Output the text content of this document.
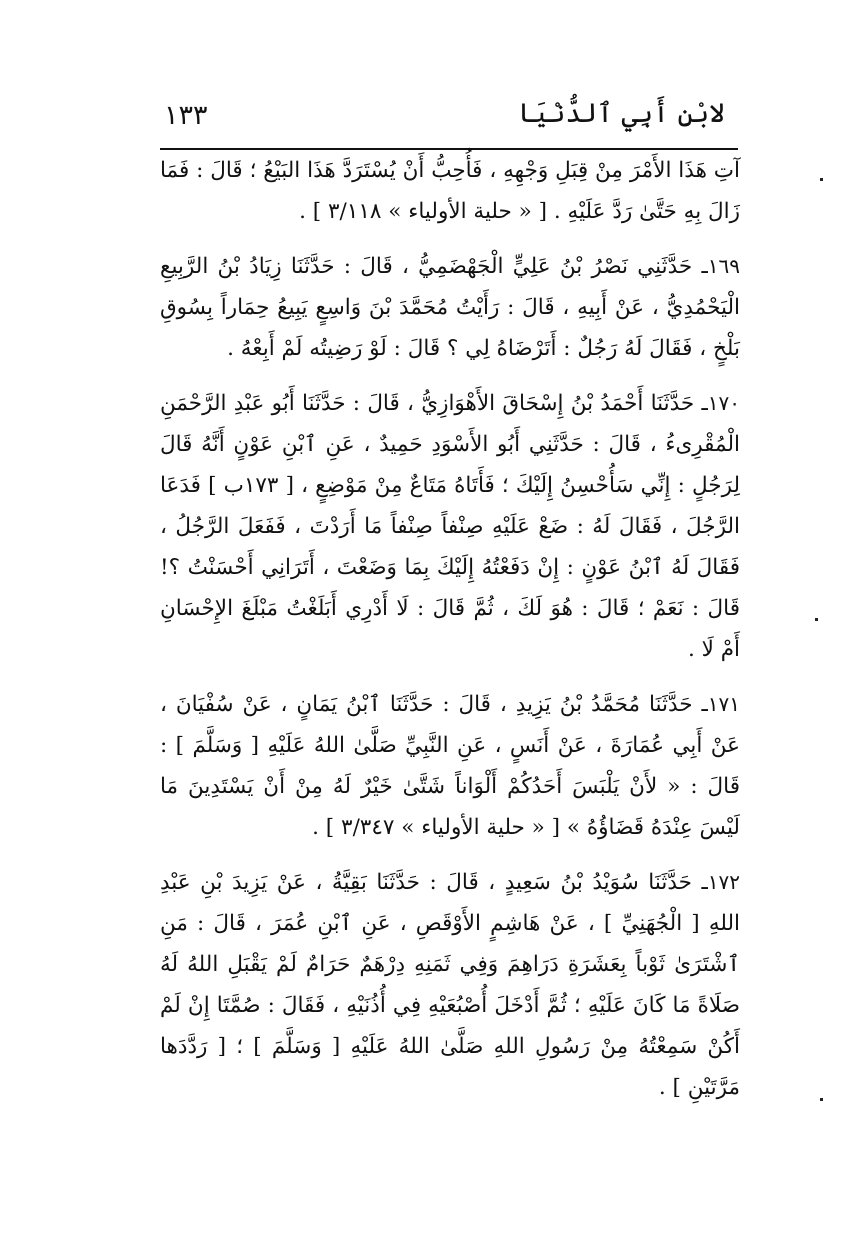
لابْنِ أَبِي ٱلدُّنْيَا
١٣٣

آتِ هَذَا الأَمْرَ مِنْ قِبَلِ وَجْهِهِ ، فَأُحِبُّ أَنْ يُسْتَرَدَّ هَذَا البَيْعُ ؛ قَالَ : فَمَا زَالَ بِهِ حَتَّىٰ رَدَّ عَلَيْهِ . [ « حلية الأولياء » ٣/١١٨ ] .

١٦٩ـ حَدَّثَنِي نَصْرُ بْنُ عَلِيٍّ الْجَهْضَمِيُّ ، قَالَ : حَدَّثَنَا زِيَادُ بْنُ الرَّبِيعِ الْيَحْمُدِيُّ ، عَنْ أَبِيهِ ، قَالَ : رَأَيْتُ مُحَمَّدَ بْنَ وَاسِعٍ يَبِيعُ حِمَاراً بِسُوقِ بَلْخٍ ، فَقَالَ لَهُ رَجُلٌ : أَتَرْضَاهُ لِي ؟ قَالَ : لَوْ رَضِيتُه لَمْ أَبِعْهُ .

١٧٠ـ حَدَّثَنَا أَحْمَدُ بْنُ إِسْحَاقَ الأَهْوَازِيُّ ، قَالَ : حَدَّثَنَا أَبُو عَبْدِ الرَّحْمَنِ الْمُقْرِىءُ ، قَالَ : حَدَّثَنِي أَبُو الأَسْوَدِ حَمِيدٌ ، عَنِ ٱبْنِ عَوْنٍ أَنَّهُ قَالَ لِرَجُلٍ : إِنِّي سَأُحْسِنُ إِلَيْكَ ؛ فَأَتَاهُ مَتَاعٌ مِنْ مَوْضِعٍ ، [ ١٧٣ب ] فَدَعَا الرَّجُلَ ، فَقَالَ لَهُ : ضَعْ عَلَيْهِ صِنْفاً صِنْفاً مَا أَرَدْتَ ، فَفَعَلَ الرَّجُلُ ، فَقَالَ لَهُ ٱبْنُ عَوْنٍ : إِنْ دَفَعْتُهُ إِلَيْكَ بِمَا وَضَعْتَ ، أَتَرَانِي أَحْسَنْتُ ؟! قَالَ : نَعَمْ ؛ قَالَ : هُوَ لَكَ ، ثُمَّ قَالَ : لَا أَدْرِي أَبَلَغْتُ مَبْلَغَ الإِحْسَانِ أَمْ لَا .

١٧١ـ حَدَّثَنَا مُحَمَّدُ بْنُ يَزِيدِ ، قَالَ : حَدَّثَنَا ٱبْنُ يَمَانٍ ، عَنْ سُفْيَانَ ، عَنْ أَبِي عُمَارَةَ ، عَنْ أَنَسٍ ، عَنِ النَّبِيِّ صَلَّىٰ اللهُ عَلَيْهِ [ وَسَلَّمَ ] : قَالَ : « لأَنْ يَلْبَسَ أَحَدُكُمْ أَلْوَاناً شَتَّىٰ خَيْرٌ لَهُ مِنْ أَنْ يَسْتَدِينَ مَا لَيْسَ عِنْدَهُ قَضَاؤُهُ » [ « حلية الأولياء » ٣/٣٤٧ ] .

١٧٢ـ حَدَّثَنَا سُوَيْدُ بْنُ سَعِيدٍ ، قَالَ : حَدَّثَنَا بَقِيَّةُ ، عَنْ يَزِيدَ بْنِ عَبْدِ اللهِ [ الْجُهَنِيِّ ] ، عَنْ هَاشِمٍ الأَوْقَصِ ، عَنِ ٱبْنِ عُمَرَ ، قَالَ : مَنِ ٱشْتَرَىٰ ثَوْباً بِعَشَرَةِ دَرَاهِمَ وَفِي ثَمَنِهِ دِرْهَمٌ حَرَامٌ لَمْ يَقْبَلِ اللهُ لَهُ صَلَاةً مَا كَانَ عَلَيْهِ ؛ ثُمَّ أَدْخَلَ أُصْبُعَيْهِ فِي أُذُنَيْهِ ، فَقَالَ : صُمَّتَا إِنْ لَمْ أَكُنْ سَمِعْتُهُ مِنْ رَسُولِ اللهِ صَلَّىٰ اللهُ عَلَيْهِ [ وَسَلَّمَ ] ؛ [ رَدَّدَها مَرَّتَيْنِ ] .
